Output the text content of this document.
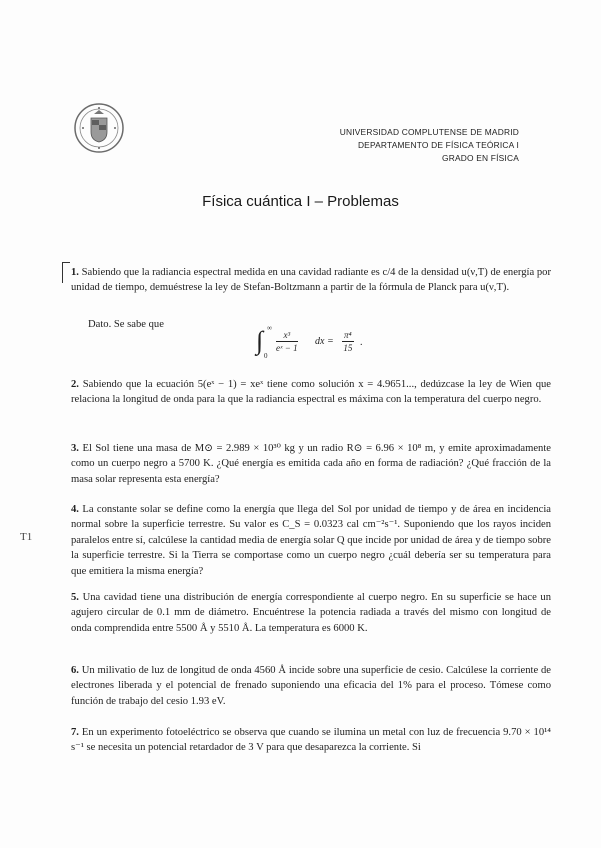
UNIVERSIDAD COMPLUTENSE DE MADRID
DEPARTAMENTO DE FÍSICA TEÓRICA I
GRADO EN FÍSICA
Física cuántica I – Problemas
T1
1. Sabiendo que la radiancia espectral medida en una cavidad radiante es c/4 de la densidad u(ν,T) de energía por unidad de tiempo, demuéstrese la ley de Stefan-Boltzmann a partir de la fórmula de Planck para u(ν,T).
Dato. Se sabe que
∫ ∞
0
$\frac{\text{x³}}{\text{eˣ − 1}}$ dx = $\frac{\text{π⁴}}{15}$ .
2. Sabiendo que la ecuación 5(eˣ − 1) = xeˣ tiene como solución x = 4.9651..., dedúzcase la ley de Wien que relaciona la longitud de onda para la que la radiancia espectral es máxima con la temperatura del cuerpo negro.
3. El Sol tiene una masa de M⊙ = 2.989 × 10³⁰ kg y un radio R⊙ = 6.96 × 10⁸ m, y emite aproximadamente como un cuerpo negro a 5700 K. ¿Qué energía es emitida cada año en forma de radiación? ¿Qué fracción de la masa solar representa esta energía?
4. La constante solar se define como la energía que llega del Sol por unidad de tiempo y de área en incidencia normal sobre la superficie terrestre. Su valor es C_S = 0.0323 cal cm⁻²s⁻¹. Suponiendo que los rayos inciden paralelos entre sí, calcúlese la cantidad media de energía solar Q que incide por unidad de área y de tiempo sobre la superficie terrestre. Si la Tierra se comportase como un cuerpo negro ¿cuál debería ser su temperatura para que emitiera la misma energía?
5. Una cavidad tiene una distribución de energía correspondiente al cuerpo negro. En su superficie se hace un agujero circular de 0.1 mm de diámetro. Encuéntrese la potencia radiada a través del mismo con longitud de onda comprendida entre 5500 Å y 5510 Å. La temperatura es 6000 K.
6. Un milivatio de luz de longitud de onda 4560 Å incide sobre una superficie de cesio. Calcúlese la corriente de electrones liberada y el potencial de frenado suponiendo una eficacia del 1% para el proceso. Tómese como función de trabajo del cesio 1.93 eV.
7. En un experimento fotoeléctrico se observa que cuando se ilumina un metal con luz de frecuencia 9.70 × 10¹⁴ s⁻¹ se necesita un potencial retardador de 3 V para que desaparezca la corriente. Si
